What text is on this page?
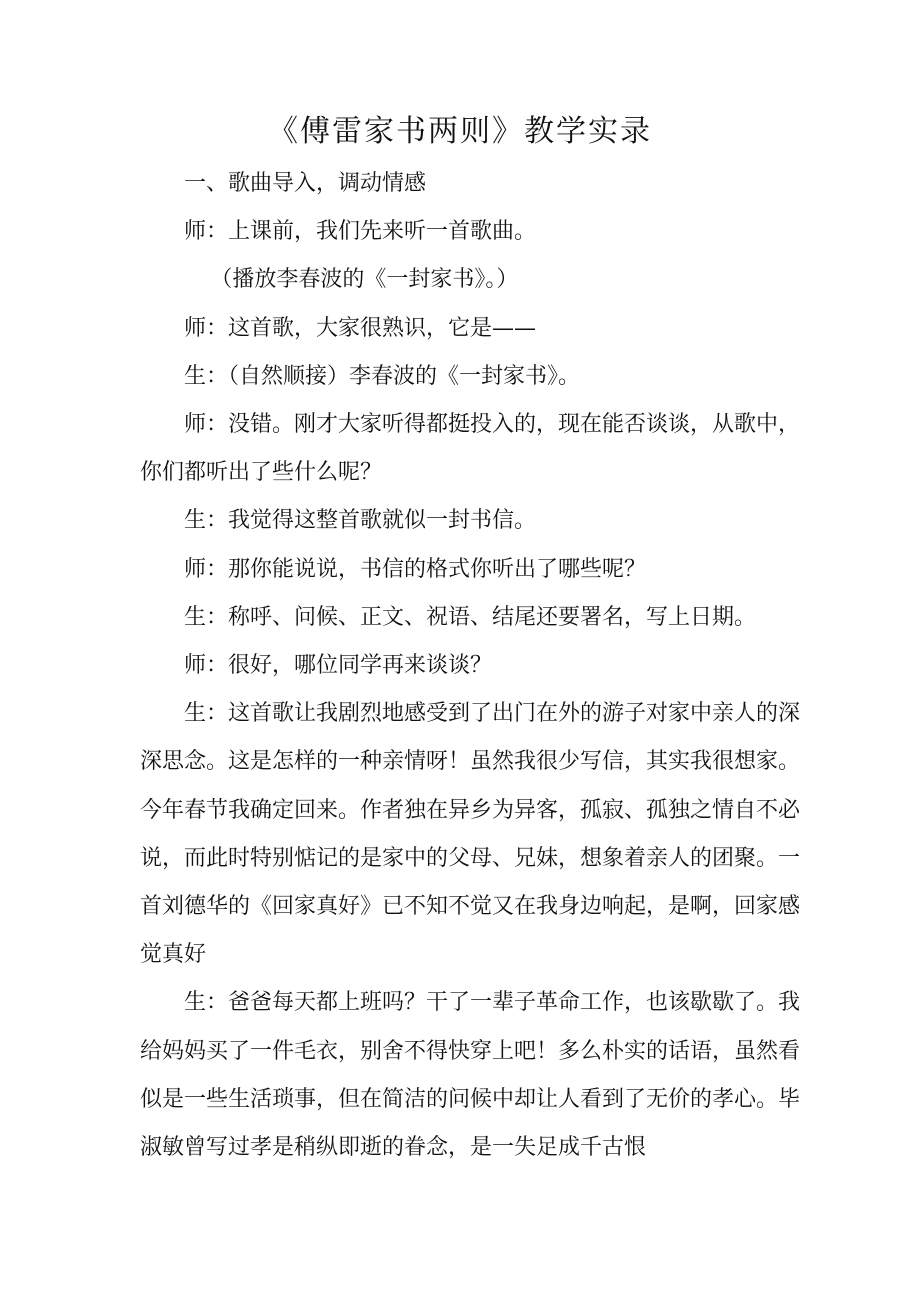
《傅雷家书两则》教学实录

一、歌曲导入，调动情感

师：上课前，我们先来听一首歌曲。

（播放李春波的《一封家书》。）

师：这首歌，大家很熟识，它是——

生：（自然顺接）李春波的《一封家书》。

师：没错。刚才大家听得都挺投入的，现在能否谈谈，从歌中，你们都听出了些什么呢？

生：我觉得这整首歌就似一封书信。

师：那你能说说，书信的格式你听出了哪些呢？

生：称呼、问候、正文、祝语、结尾还要署名，写上日期。

师：很好，哪位同学再来谈谈？

生：这首歌让我剧烈地感受到了出门在外的游子对家中亲人的深深思念。这是怎样的一种亲情呀！虽然我很少写信，其实我很想家。今年春节我确定回来。作者独在异乡为异客，孤寂、孤独之情自不必说，而此时特别惦记的是家中的父母、兄妹，想象着亲人的团聚。一首刘德华的《回家真好》已不知不觉又在我身边响起，是啊，回家感觉真好

生：爸爸每天都上班吗？干了一辈子革命工作，也该歇歇了。我给妈妈买了一件毛衣，别舍不得快穿上吧！多么朴实的话语，虽然看似是一些生活琐事，但在简洁的问候中却让人看到了无价的孝心。毕淑敏曾写过孝是稍纵即逝的眷念，是一失足成千古恨
